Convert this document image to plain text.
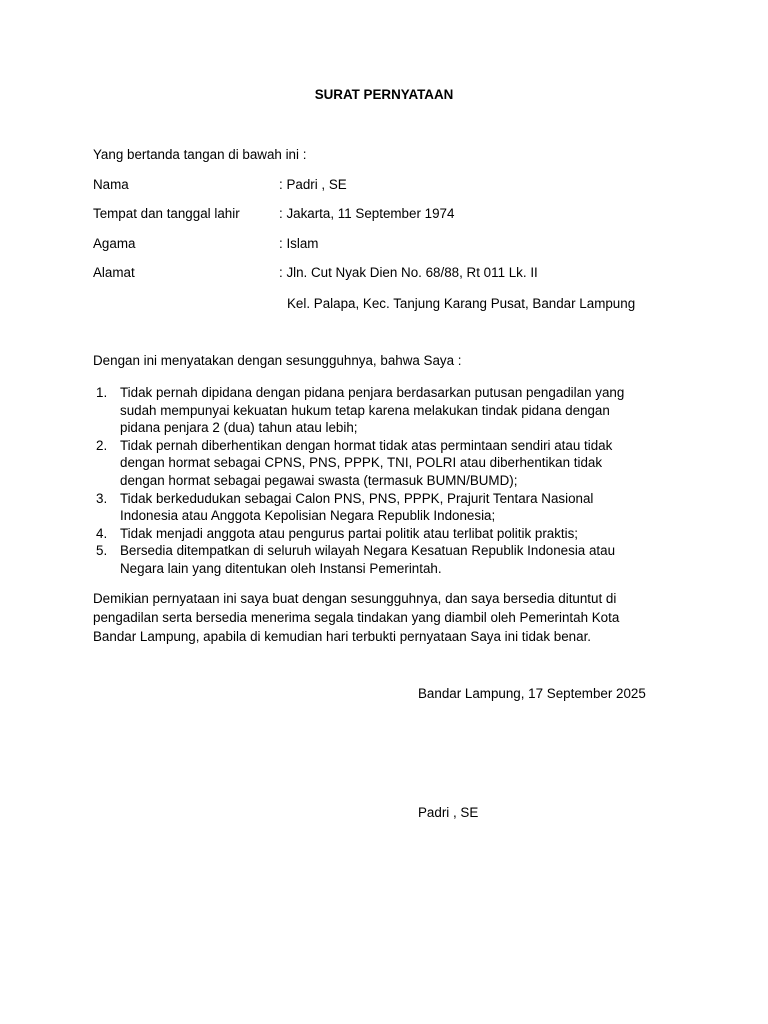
SURAT PERNYATAAN
Yang bertanda tangan di bawah ini :
Nama	: Padri , SE
Tempat dan tanggal lahir	: Jakarta, 11 September 1974
Agama	: Islam
Alamat	: Jln. Cut Nyak Dien No. 68/88, Rt 011 Lk. II
Kel. Palapa, Kec. Tanjung Karang Pusat, Bandar Lampung
Dengan ini menyatakan dengan sesungguhnya, bahwa Saya :
1. Tidak pernah dipidana dengan pidana penjara berdasarkan putusan pengadilan yang
sudah mempunyai kekuatan hukum tetap karena melakukan tindak pidana dengan
pidana penjara 2 (dua) tahun atau lebih;
2. Tidak pernah diberhentikan dengan hormat tidak atas permintaan sendiri atau tidak
dengan hormat sebagai CPNS, PNS, PPPK, TNI, POLRI atau diberhentikan tidak
dengan hormat sebagai pegawai swasta (termasuk BUMN/BUMD);
3. Tidak berkedudukan sebagai Calon PNS, PNS, PPPK, Prajurit Tentara Nasional
Indonesia atau Anggota Kepolisian Negara Republik Indonesia;
4. Tidak menjadi anggota atau pengurus partai politik atau terlibat politik praktis;
5. Bersedia ditempatkan di seluruh wilayah Negara Kesatuan Republik Indonesia atau
Negara lain yang ditentukan oleh Instansi Pemerintah.
Demikian pernyataan ini saya buat dengan sesungguhnya, dan saya bersedia dituntut di
pengadilan serta bersedia menerima segala tindakan yang diambil oleh Pemerintah Kota
Bandar Lampung, apabila di kemudian hari terbukti pernyataan Saya ini tidak benar.
Bandar Lampung, 17 September 2025
Padri , SE
